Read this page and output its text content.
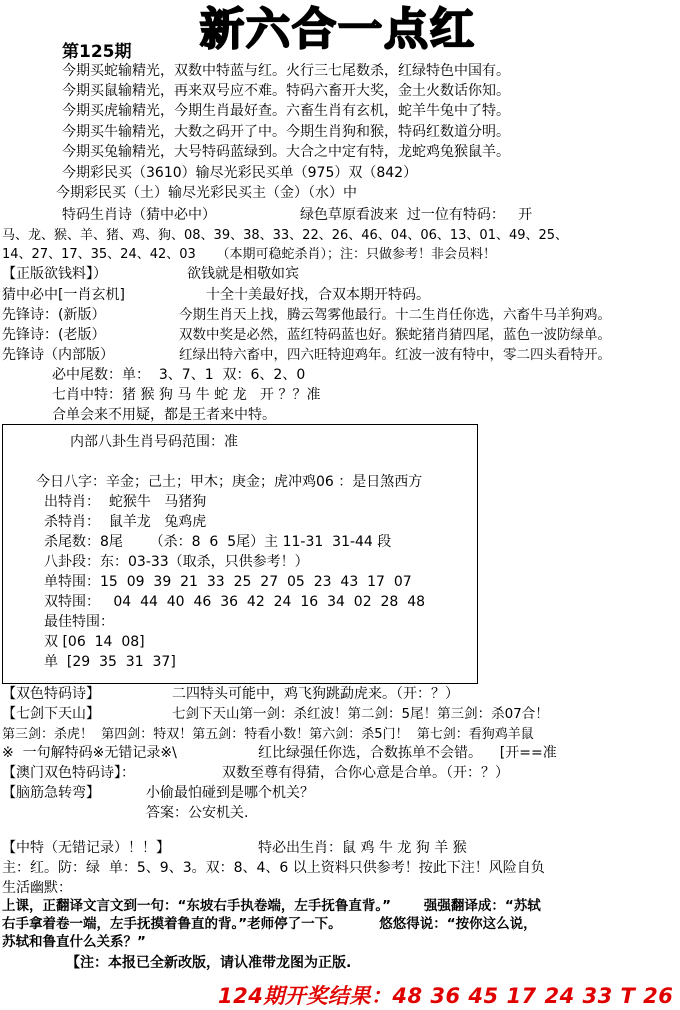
新六合一点红
第125期
今期买蛇输精光，双数中特蓝与红。火行三七尾数杀，红绿特色中国有。
今期买鼠输精光，再来双号应不难。特码六畜开大奖，金土火数话你知。
今期买虎输精光，今期生肖最好查。六畜生肖有玄机，蛇羊牛兔中了特。
今期买牛输精光，大数之码开了中。今期生肖狗和猴，特码红数道分明。
今期买兔输精光，大号特码蓝绿到。大合之中定有特，龙蛇鸡兔猴鼠羊。
今期彩民买（3610）输尽光彩民买单（975）双（842）
今期彩民买（土）输尽光彩民买主（金）（水）中
特码生肖诗（猜中必中）	绿色草原看波来  过一位有特码：   开
马、龙、猴、羊、猪、鸡、狗、08、39、38、33、22、26、46、04、06、13、01、49、25、
14、27、17、35、24、42、03     （本期可稳蛇杀肖）；注：只做参考！非会员料！
【正版欲钱料】）	欲钱就是相敬如宾
猜中必中[一肖玄机]	十全十美最好找，合双本期开特码。
先锋诗：(新版）	今期生肖天上找，腾云驾雾他最行。十二生肖任你选，六畜牛马羊狗鸡。
先锋诗：(老版）	双数中奖是必然，蓝红特码蓝也好。猴蛇猪肖猜四尾，蓝色一波防绿单。
先锋诗（内部版）	红绿出特六畜中，四六旺特迎鸡年。红波一波有特中，零二四头看特开。
必中尾数：单：  3、7、1  双：6、2、0
七肖中特：猪 猴 狗 马 牛 蛇 龙   开 ？？准
合单会来不用疑，都是王者来中特。
内部八卦生肖号码范围：准
今日八字：辛金；己土；甲木；庚金；虎冲鸡06 ：是日煞西方
出特肖：  蛇猴牛   马猪狗
杀特肖：  鼠羊龙   兔鸡虎
杀尾数：8尾      （杀：8  6  5尾）主 11-31  31-44 段
八卦段：东：03-33（取杀，只供参考！）
单特围：15  09  39  21  33  25  27  05  23  43  17  07
双特围：   04  44  40  46  36  42  24  16  34  02  28  48
最佳特围：
双 [06  14  08]
单  [29  35  31  37]
【双色特码诗】	二四特头可能中，鸡飞狗跳勐虎来。（开：？）
【七剑下天山】	七剑下天山第一剑：杀红波！第二剑：5尾！第三剑：杀07合！
第三剑：杀虎！  第四剑：特双！第五剑：特看小数！第六剑：杀5门！  第七剑：看狗鸡羊鼠
※  一句解特码※无错记录※\	红比绿强任你选，合数拣单不会错。    [开==准
【澳门双色特码诗】：	双数至尊有得猜，合你心意是合单。（开：？）
【脑筋急转弯】	小偷最怕碰到是哪个机关？
答案：公安机关.
【中特（无错记录）！！】	特必出生肖：鼠 鸡 牛 龙 狗 羊 猴
主：红。防：绿  单：5、9、3。双：8、4、6 以上资料只供参考！按此下注！风险自负
生活幽默：
上课，正翻译文言文到一句：“东坡右手执卷端，左手抚鲁直背。”       强强翻译成：“苏轼
右手拿着卷一端，左手抚摸着鲁直的背。”老师停了一下。        悠悠得说：“按你这么说，
苏轼和鲁直什么关系？”
【注：本报已全新改版，请认准带龙图为正版.
124期开奖结果：48 36 45 17 24 33 T 26
